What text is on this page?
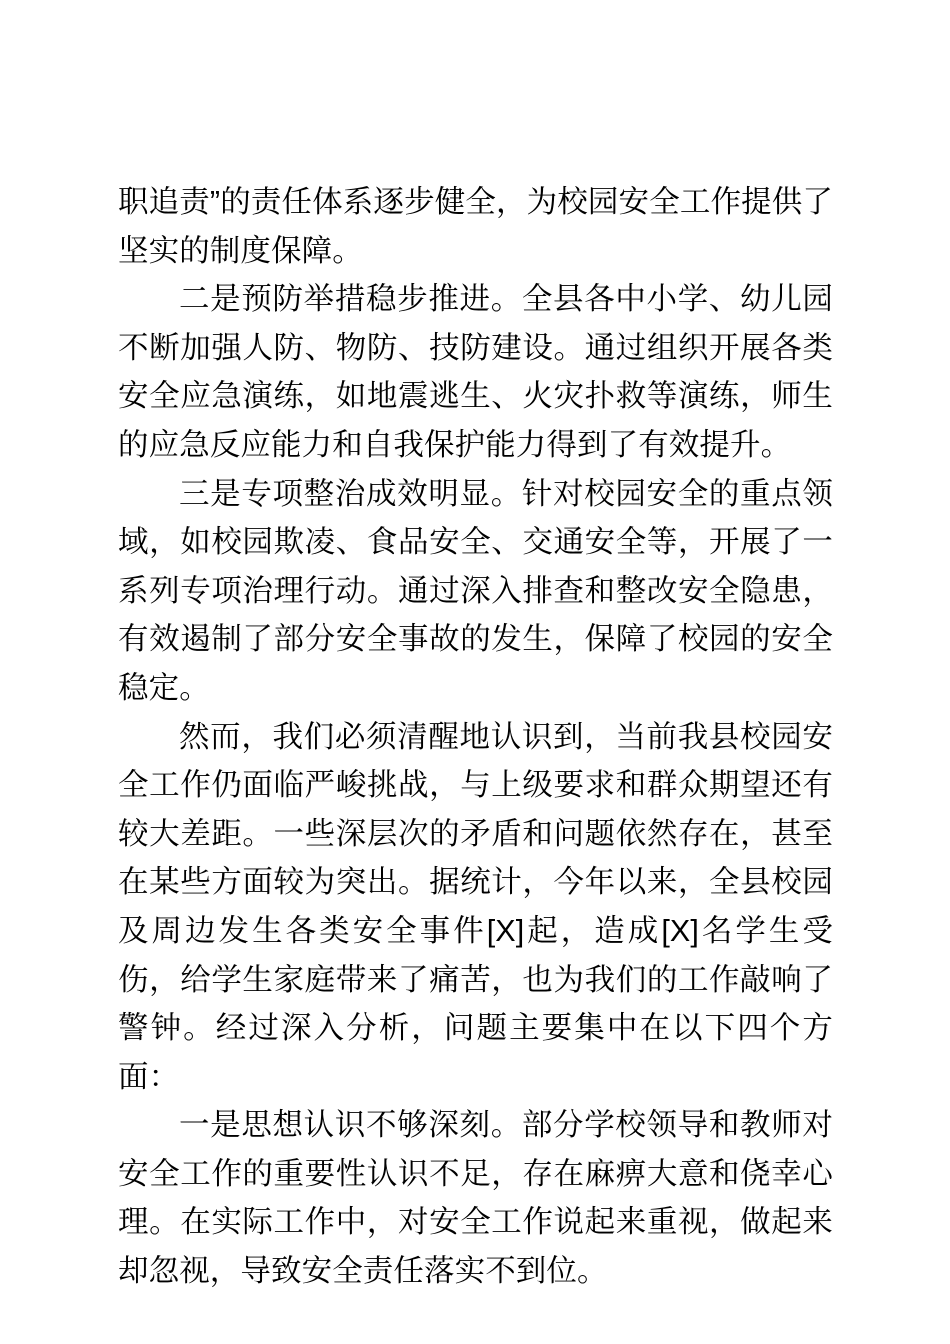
职追责”的责任体系逐步健全，为校园安全工作提供了坚实的制度保障。

二是预防举措稳步推进。全县各中小学、幼儿园不断加强人防、物防、技防建设。通过组织开展各类安全应急演练，如地震逃生、火灾扑救等演练，师生的应急反应能力和自我保护能力得到了有效提升。

三是专项整治成效明显。针对校园安全的重点领域，如校园欺凌、食品安全、交通安全等，开展了一系列专项治理行动。通过深入排查和整改安全隐患，有效遏制了部分安全事故的发生，保障了校园的安全稳定。

然而，我们必须清醒地认识到，当前我县校园安全工作仍面临严峻挑战，与上级要求和群众期望还有较大差距。一些深层次的矛盾和问题依然存在，甚至在某些方面较为突出。据统计，今年以来，全县校园及周边发生各类安全事件[X]起，造成[X]名学生受伤，给学生家庭带来了痛苦，也为我们的工作敲响了警钟。经过深入分析，问题主要集中在以下四个方面：

一是思想认识不够深刻。部分学校领导和教师对安全工作的重要性认识不足，存在麻痹大意和侥幸心理。在实际工作中，对安全工作说起来重视，做起来却忽视，导致安全责任落实不到位。
